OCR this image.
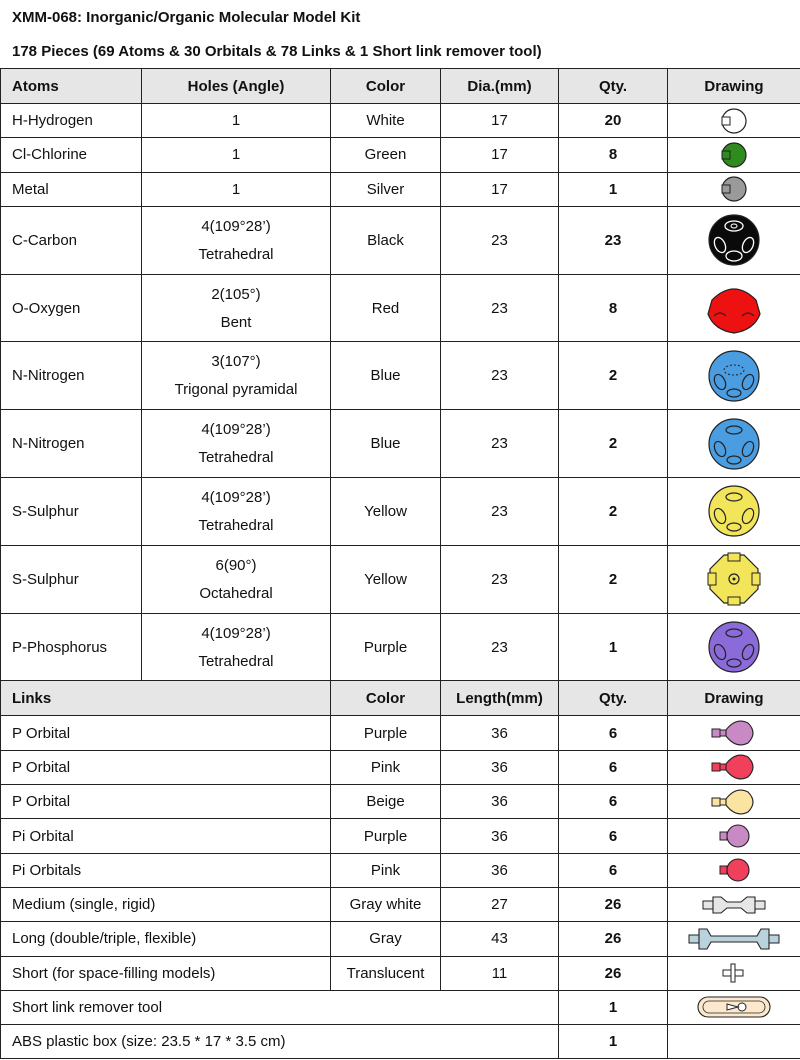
XMM-068: Inorganic/Organic Molecular Model Kit
178 Pieces (69 Atoms & 30 Orbitals & 78 Links & 1 Short link remover tool)
Atoms	Holes (Angle)	Color	Dia.(mm)	Qty.	Drawing
H-Hydrogen	1	White	17	20	

Cl-Chlorine	1	Green	17	8	

Metal	1	Silver	17	1	

C-Carbon	4(109°28’)
Tetrahedral	Black	23	23	

O-Oxygen	2(105°)
Bent	Red	23	8	

N-Nitrogen	3(107°)
Trigonal pyramidal	Blue	23	2	

N-Nitrogen	4(109°28’)
Tetrahedral	Blue	23	2	

S-Sulphur	4(109°28’)
Tetrahedral	Yellow	23	2	

S-Sulphur	6(90°)
Octahedral	Yellow	23	2	

P-Phosphorus	4(109°28’)
Tetrahedral	Purple	23	1	

Links		Color	Length(mm)	Qty.	Drawing
P Orbital		Purple	36	6	

P Orbital		Pink	36	6	

P Orbital		Beige	36	6	

Pi Orbital		Purple	36	6	

Pi Orbitals		Pink	36	6	

Medium (single, rigid)		Gray white	27	26	

Long (double/triple, flexible)		Gray	43	26	

Short (for space-filling models)		Translucent	11	26	

Short link remover tool				1	

ABS plastic box (size: 23.5 * 17 * 3.5 cm)				1	
